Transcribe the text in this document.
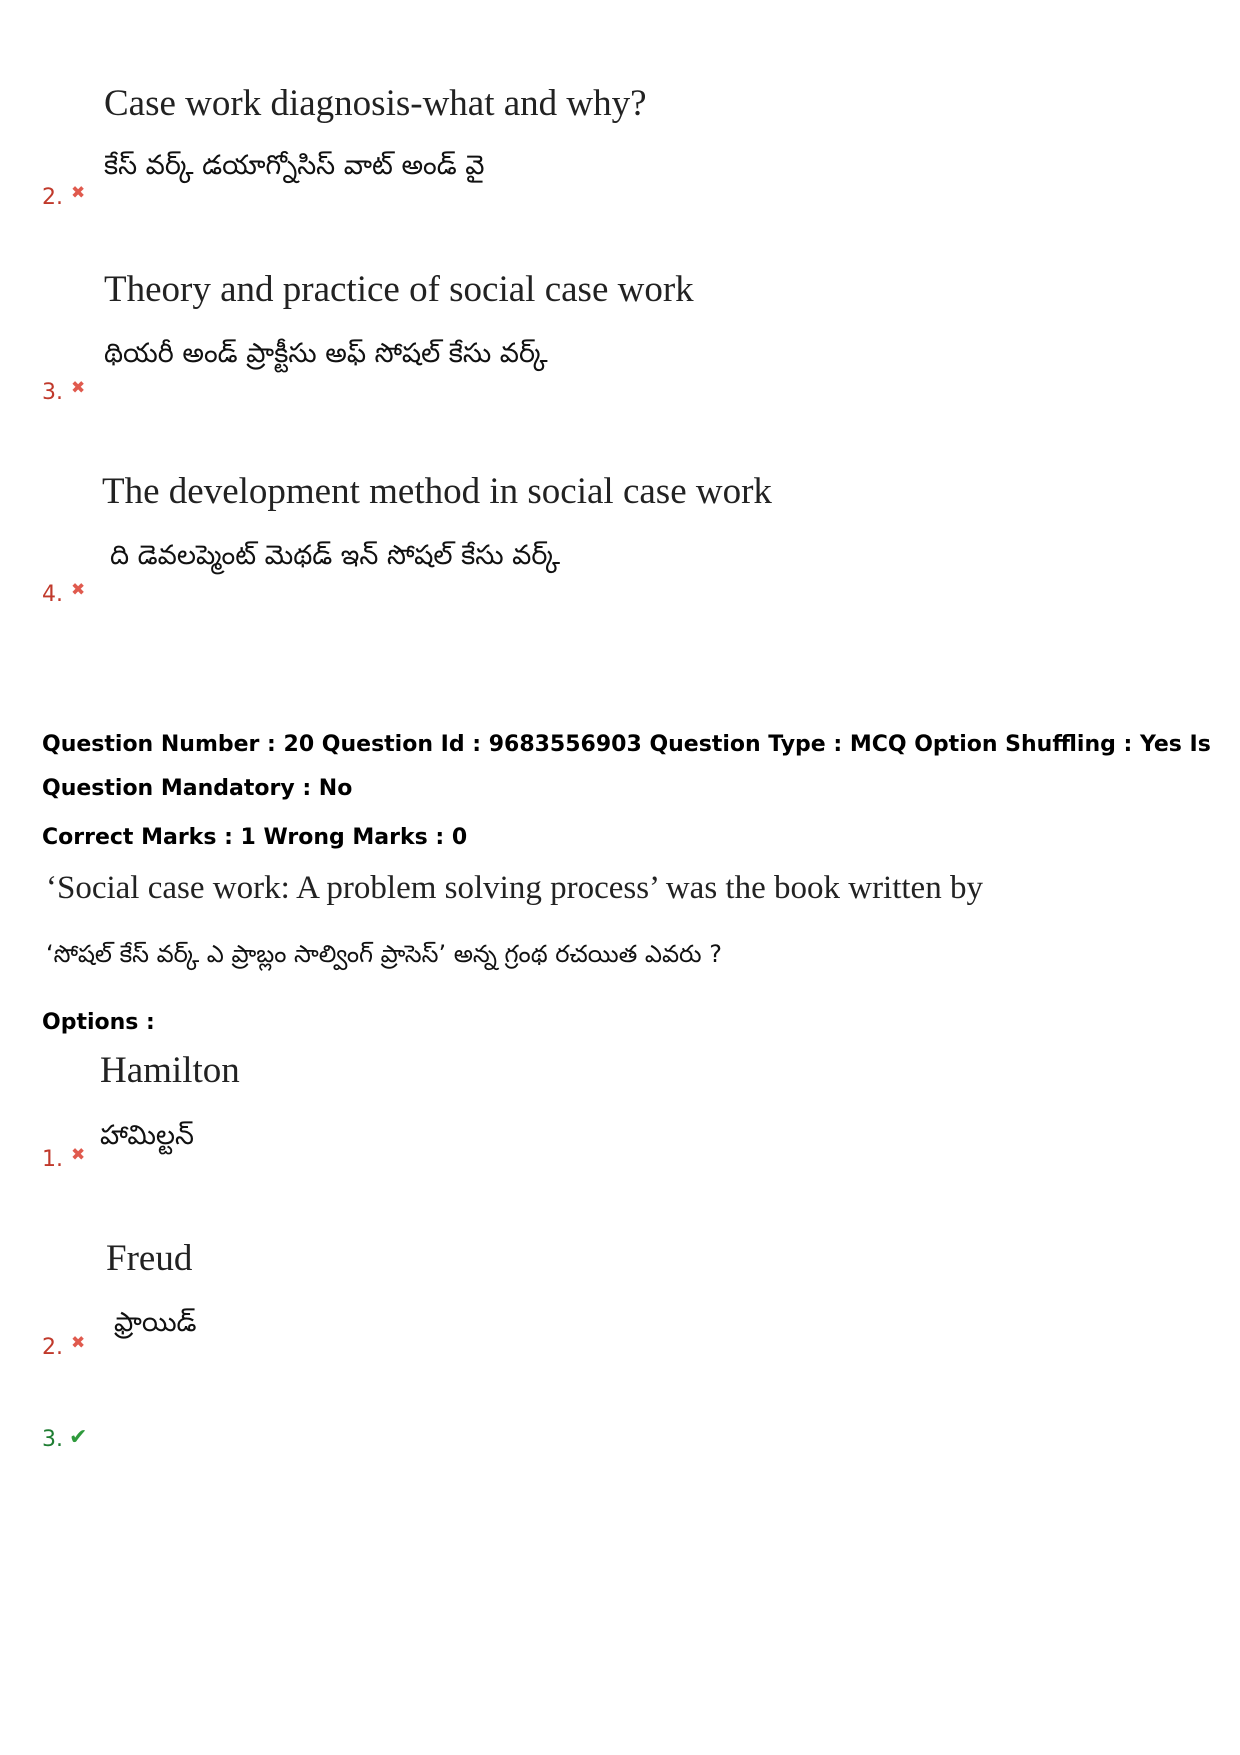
Case work diagnosis-what and why?
కేస్ వర్క్ డయాగ్నోసిస్ వాట్ అండ్ వై
2. ✖
Theory and practice of social case work
థియరీ అండ్ ప్రాక్టీసు అఫ్ సోషల్ కేసు వర్క్
3. ✖
The development method in social case work
ది డెవలప్మెంట్ మెథడ్ ఇన్ సోషల్ కేసు వర్క్
4. ✖
Question Number : 20 Question Id : 9683556903 Question Type : MCQ Option Shuffling : Yes Is
Question Mandatory : No
Correct Marks : 1 Wrong Marks : 0
‘Social case work: A problem solving process’ was the book written by
‘సోషల్ కేస్ వర్క్ ఎ ప్రాబ్లం సాల్వింగ్ ప్రాసెస్’ అన్న గ్రంథ రచయిత ఎవరు ?
Options :
Hamilton
హామిల్టన్
1. ✖
Freud
ఫ్రాయిడ్
2. ✖
3. ✔
